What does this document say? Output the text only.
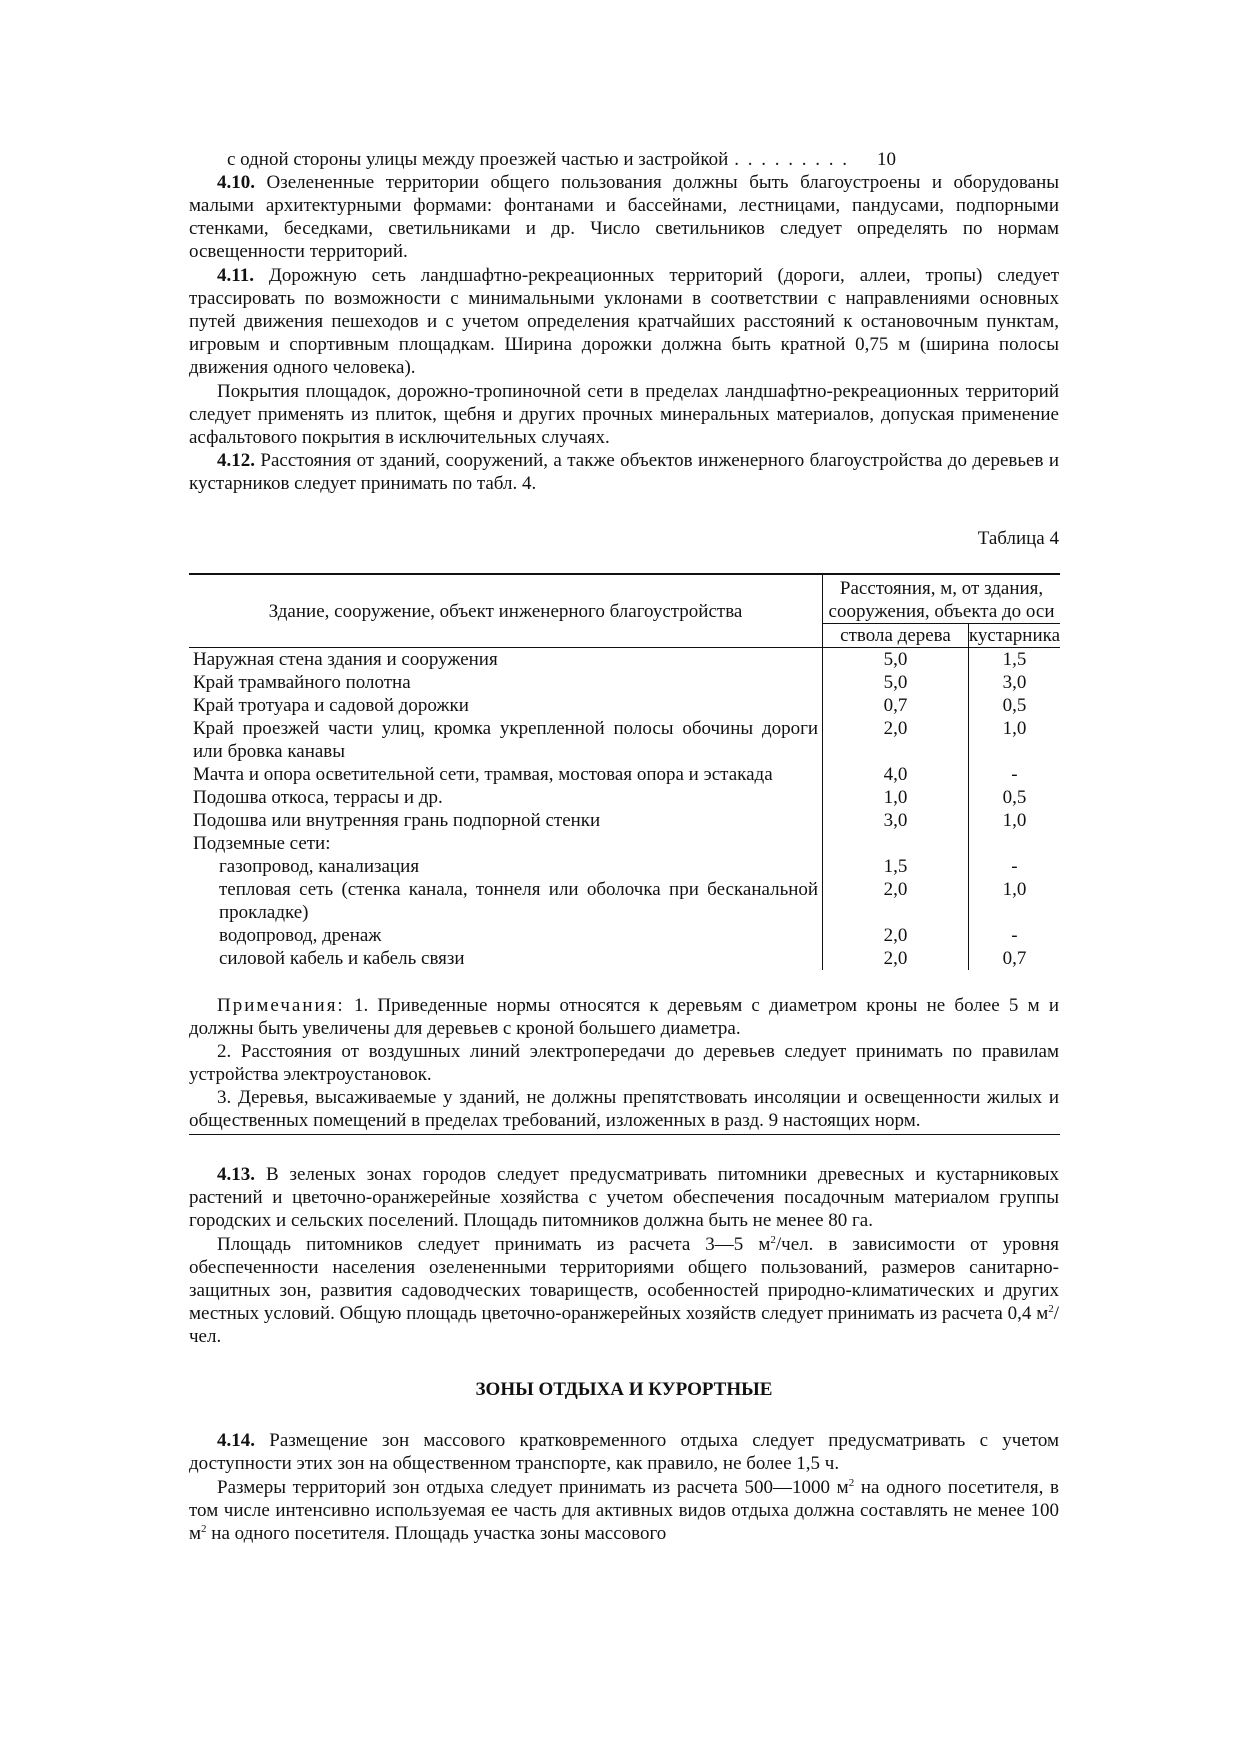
с одной стороны улицы между проезжей частью и застройкой . . . . . . . . . 10

4.10. Озелененные территории общего пользования должны быть благоустроены и оборудованы малыми архитектурными формами: фонтанами и бассейнами, лестницами, пандусами, подпорными стенками, беседками, светильниками и др. Число светильников следует определять по нормам освещенности территорий.

4.11. Дорожную сеть ландшафтно-рекреационных территорий (дороги, аллеи, тропы) следует трассировать по возможности с минимальными уклонами в соответствии с направлениями основных путей движения пешеходов и с учетом определения кратчайших расстояний к остановочным пунктам, игровым и спортивным площадкам. Ширина дорожки должна быть кратной 0,75 м (ширина полосы движения одного человека).

Покрытия площадок, дорожно-тропиночной сети в пределах ландшафтно-рекреационных территорий следует применять из плиток, щебня и других прочных минеральных материалов, допуская применение асфальтового покрытия в исключительных случаях.

4.12. Расстояния от зданий, сооружений, а также объектов инженерного благоустройства до деревьев и кустарников следует принимать по табл. 4.

Таблица 4
Здание, сооружение, объект инженерного благоустройства	Расстояния, м, от здания, сооружения, объекта до оси	
	ствола дерева	кустарника
Наружная стена здания и сооружения	5,0	1,5
Край трамвайного полотна	5,0	3,0
Край тротуара и садовой дорожки	0,7	0,5
Край проезжей части улиц, кромка укрепленной полосы обочины дороги или бровка канавы	2,0	1,0
Мачта и опора осветительной сети, трамвая, мостовая опора и эстакада	4,0	-
Подошва откоса, террасы и др.	1,0	0,5
Подошва или внутренняя грань подпорной стенки	3,0	1,0
Подземные сети:		
газопровод, канализация	1,5	-
тепловая сеть (стенка канала, тоннеля или оболочка при бесканальной прокладке)	2,0	1,0
водопровод, дренаж	2,0	-
силовой кабель и кабель связи	2,0	0,7

Примечания: 1. Приведенные нормы относятся к деревьям с диаметром кроны не более 5 м и должны быть увеличены для деревьев с кроной большего диаметра.

2. Расстояния от воздушных линий электропередачи до деревьев следует принимать по правилам устройства электроустановок.

3. Деревья, высаживаемые у зданий, не должны препятствовать инсоляции и освещенности жилых и общественных помещений в пределах требований, изложенных в разд. 9 настоящих норм.

4.13. В зеленых зонах городов следует предусматривать питомники древесных и кустарниковых растений и цветочно-оранжерейные хозяйства с учетом обеспечения посадочным материалом группы городских и сельских поселений. Площадь питомников должна быть не менее 80 га.

Площадь питомников следует принимать из расчета 3—5 $м^2$/чел. в зависимости от уровня обеспеченности населения озелененными территориями общего пользований, размеров санитарно-защитных зон, развития садоводческих товариществ, особенностей природно-климатических и других местных условий. Общую площадь цветочно-оранжерейных хозяйств следует принимать из расчета 0,4 $м^2$/чел.

ЗОНЫ ОТДЫХА И КУРОРТНЫЕ

4.14. Размещение зон массового кратковременного отдыха следует предусматривать с учетом доступности этих зон на общественном транспорте, как правило, не более 1,5 ч.

Размеры территорий зон отдыха следует принимать из расчета 500—1000 $м^2$ на одного посетителя, в том числе интенсивно используемая ее часть для активных видов отдыха должна составлять не менее 100 $м^2$ на одного посетителя. Площадь участка зоны массового
